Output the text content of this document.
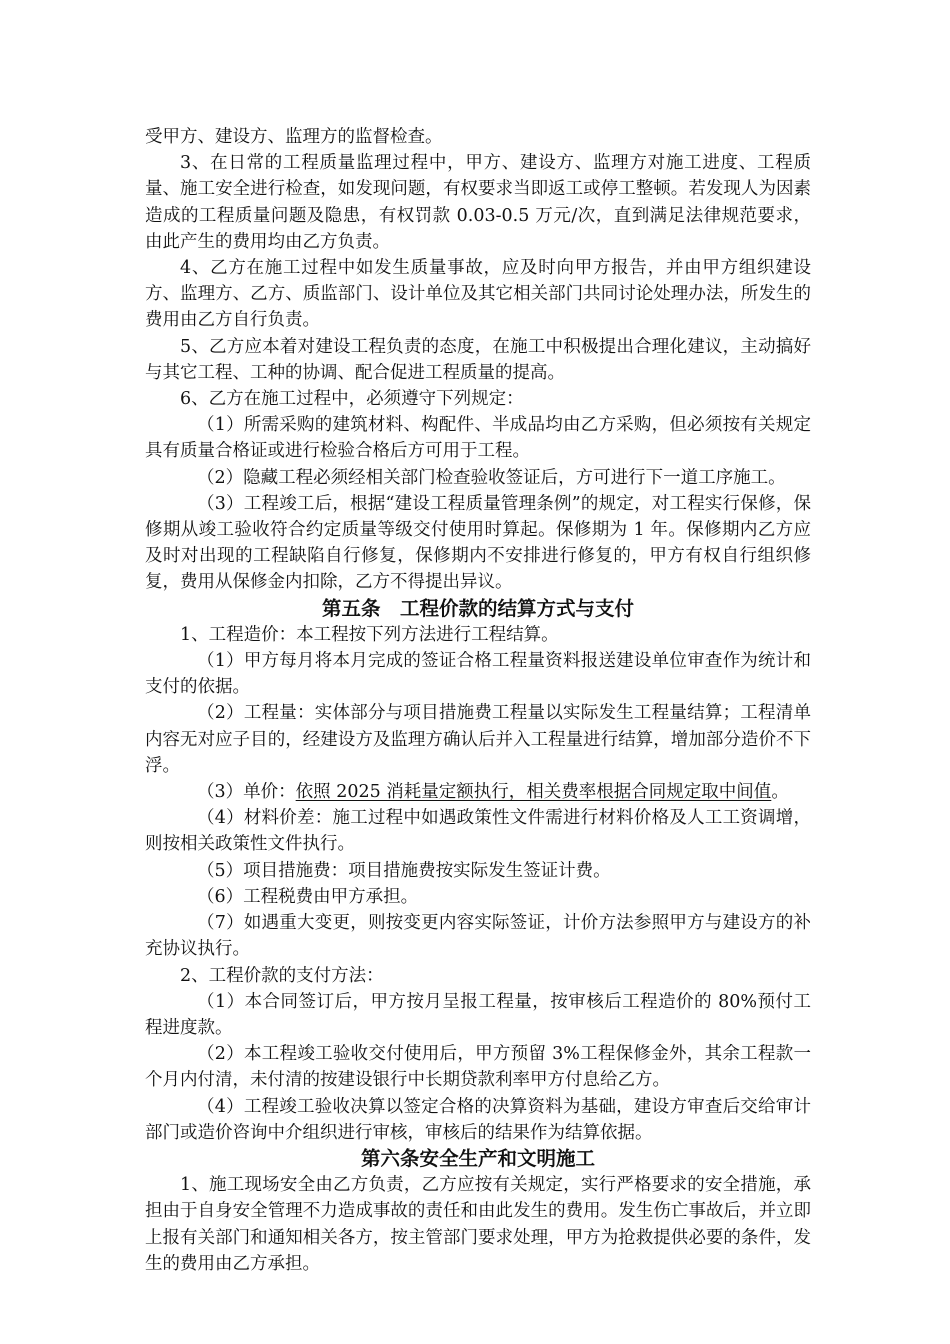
受甲方、建设方、监理方的监督检查。

3、在日常的工程质量监理过程中，甲方、建设方、监理方对施工进度、工程质量、施工安全进行检查，如发现问题，有权要求当即返工或停工整顿。若发现人为因素造成的工程质量问题及隐患，有权罚款 0.03-0.5 万元/次，直到满足法律规范要求，由此产生的费用均由乙方负责。

4、乙方在施工过程中如发生质量事故，应及时向甲方报告，并由甲方组织建设方、监理方、乙方、质监部门、设计单位及其它相关部门共同讨论处理办法，所发生的费用由乙方自行负责。

5、乙方应本着对建设工程负责的态度，在施工中积极提出合理化建议，主动搞好与其它工程、工种的协调、配合促进工程质量的提高。

6、乙方在施工过程中，必须遵守下列规定：

（1）所需采购的建筑材料、构配件、半成品均由乙方采购，但必须按有关规定具有质量合格证或进行检验合格后方可用于工程。

（2）隐藏工程必须经相关部门检查验收签证后，方可进行下一道工序施工。

（3）工程竣工后，根据“建设工程质量管理条例”的规定，对工程实行保修，保修期从竣工验收符合约定质量等级交付使用时算起。保修期为 1 年。保修期内乙方应及时对出现的工程缺陷自行修复，保修期内不安排进行修复的，甲方有权自行组织修复，费用从保修金内扣除，乙方不得提出异议。

第五条　工程价款的结算方式与支付

1、工程造价：本工程按下列方法进行工程结算。

（1）甲方每月将本月完成的签证合格工程量资料报送建设单位审查作为统计和支付的依据。

（2）工程量：实体部分与项目措施费工程量以实际发生工程量结算；工程清单内容无对应子目的，经建设方及监理方确认后并入工程量进行结算，增加部分造价不下浮。

（3）单价：依照 2025 消耗量定额执行，相关费率根据合同规定取中间值。

（4）材料价差：施工过程中如遇政策性文件需进行材料价格及人工工资调增，则按相关政策性文件执行。

（5）项目措施费：项目措施费按实际发生签证计费。

（6）工程税费由甲方承担。

（7）如遇重大变更，则按变更内容实际签证，计价方法参照甲方与建设方的补充协议执行。

2、工程价款的支付方法：

（1）本合同签订后，甲方按月呈报工程量，按审核后工程造价的 80%预付工程进度款。

（2）本工程竣工验收交付使用后，甲方预留 3%工程保修金外，其余工程款一个月内付清，未付清的按建设银行中长期贷款利率甲方付息给乙方。

（4）工程竣工验收决算以签定合格的决算资料为基础，建设方审查后交给审计部门或造价咨询中介组织进行审核，审核后的结果作为结算依据。

第六条安全生产和文明施工

1、施工现场安全由乙方负责，乙方应按有关规定，实行严格要求的安全措施，承担由于自身安全管理不力造成事故的责任和由此发生的费用。发生伤亡事故后，并立即上报有关部门和通知相关各方，按主管部门要求处理，甲方为抢救提供必要的条件，发生的费用由乙方承担。
